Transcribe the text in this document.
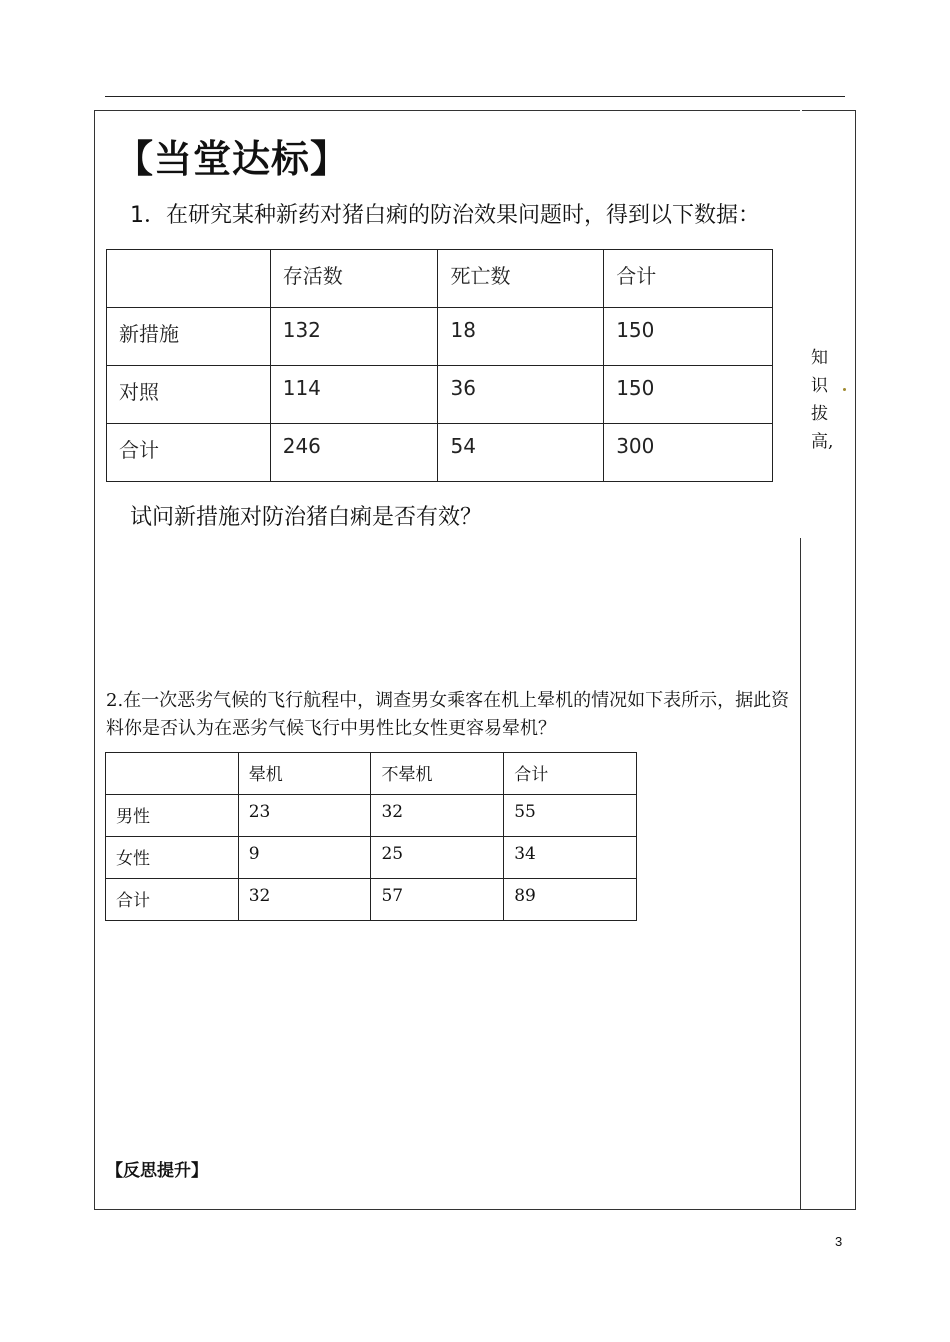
【当堂达标】
1．在研究某种新药对猪白痢的防治效果问题时，得到以下数据：
	存活数	死亡数	合计
新措施	132	18	150
对照	114	36	150
合计	246	54	300
试问新措施对防治猪白痢是否有效？
2.在一次恶劣气候的飞行航程中，调查男女乘客在机上晕机的情况如下表所示，据此资料你是否认为在恶劣气候飞行中男性比女性更容易晕机？
	晕机	不晕机	合计
男性	23	32	55
女性	9	25	34
合计	32	57	89
【反思提升】
知
识
拔
高,
3
